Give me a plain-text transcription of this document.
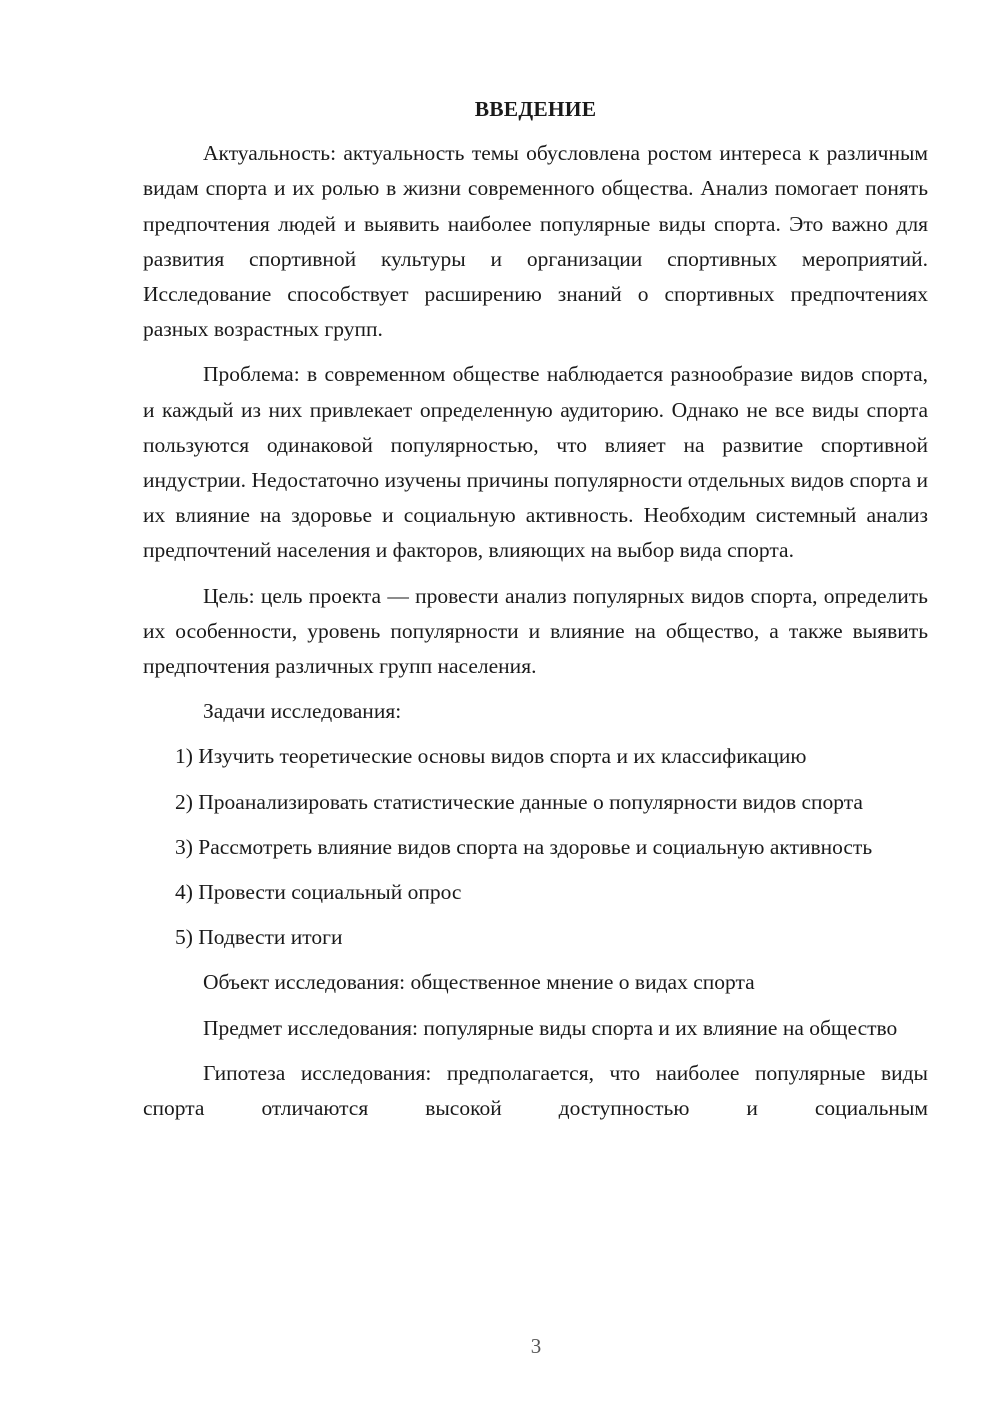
ВВЕДЕНИЕ

Актуальность: актуальность темы обусловлена ростом интереса к различным видам спорта и их ролью в жизни современного общества. Анализ помогает понять предпочтения людей и выявить наиболее популярные виды спорта. Это важно для развития спортивной культуры и организации спортивных мероприятий. Исследование способствует расширению знаний о спортивных предпочтениях разных возрастных групп.

Проблема: в современном обществе наблюдается разнообразие видов спорта, и каждый из них привлекает определенную аудиторию. Однако не все виды спорта пользуются одинаковой популярностью, что влияет на развитие спортивной индустрии. Недостаточно изучены причины популярности отдельных видов спорта и их влияние на здоровье и социальную активность. Необходим системный анализ предпочтений населения и факторов, влияющих на выбор вида спорта.

Цель: цель проекта — провести анализ популярных видов спорта, определить их особенности, уровень популярности и влияние на общество, а также выявить предпочтения различных групп населения.

Задачи исследования:

1) Изучить теоретические основы видов спорта и их классификацию

2) Проанализировать статистические данные о популярности видов спорта

3) Рассмотреть влияние видов спорта на здоровье и социальную активность

4) Провести социальный опрос

5) Подвести итоги

Объект исследования: общественное мнение о видах спорта

Предмет исследования: популярные виды спорта и их влияние на общество

Гипотеза исследования: предполагается, что наиболее популярные виды спорта отличаются высокой доступностью и социальным

3
